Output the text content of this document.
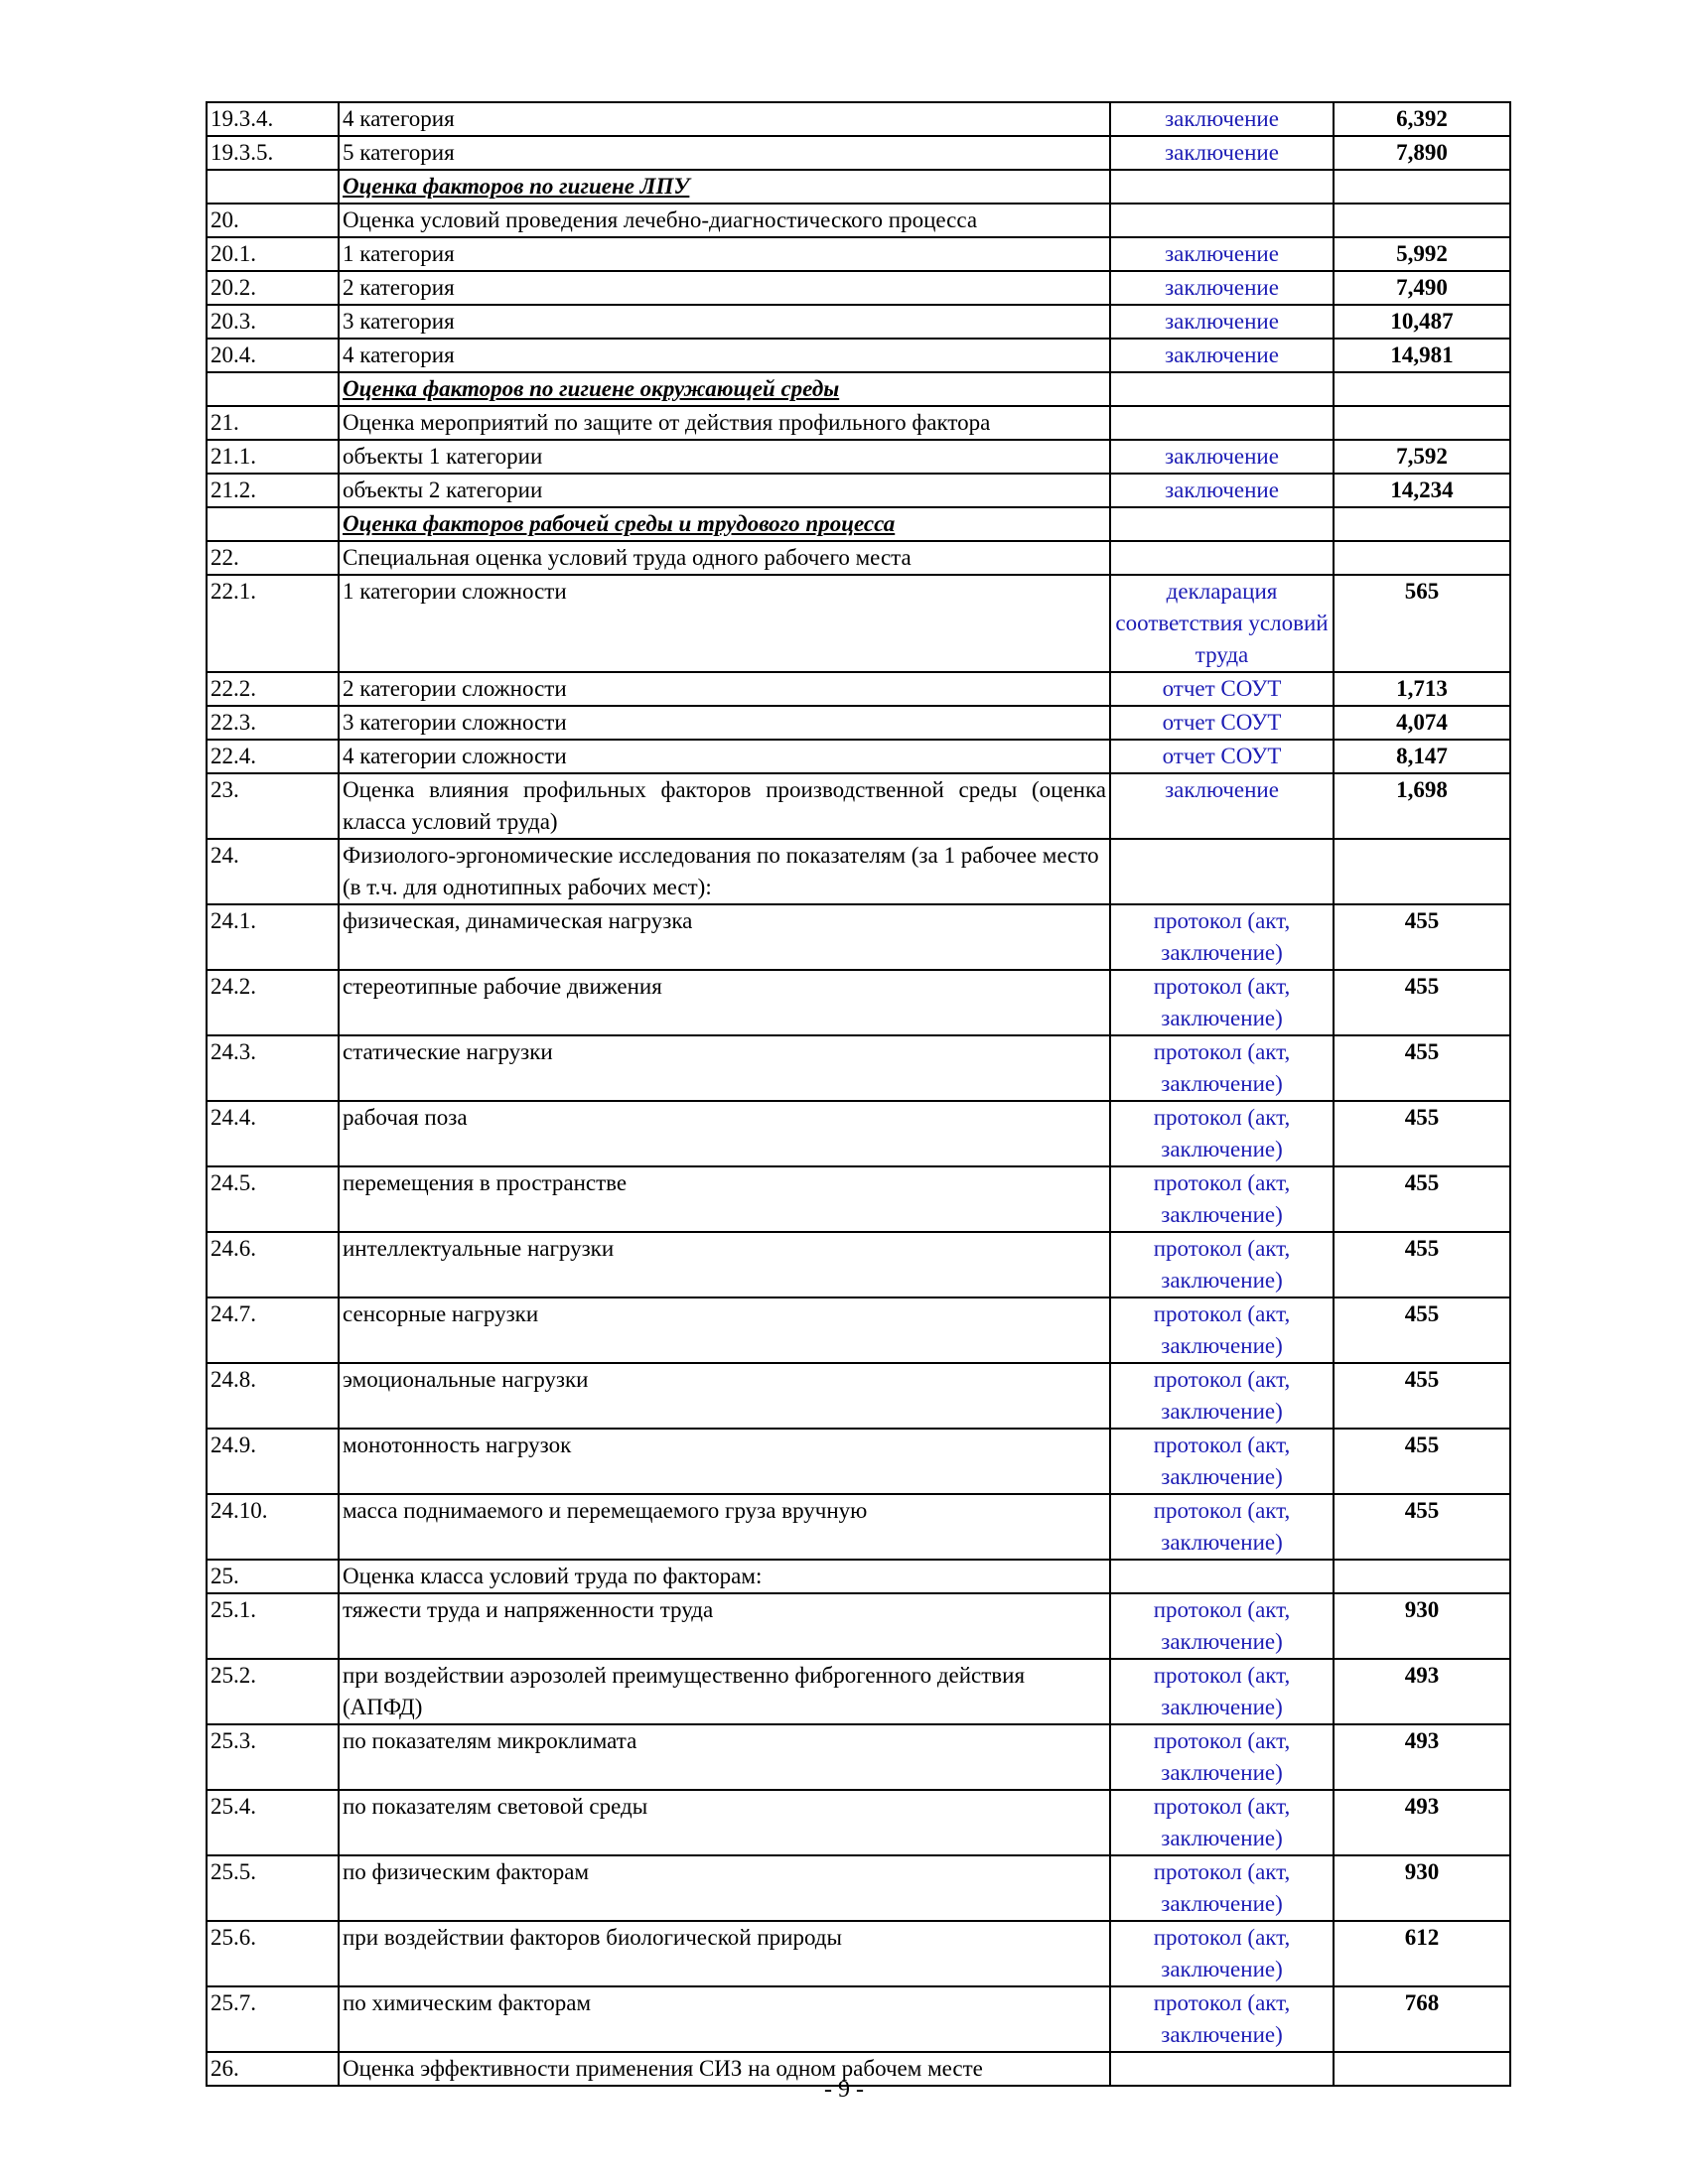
19.3.4.	4 категория	заключение	6,392
19.3.5.	5 категория	заключение	7,890
	Оценка факторов по гигиене ЛПУ		
20.	Оценка условий проведения лечебно-диагностического процесса		
20.1.	1 категория	заключение	5,992
20.2.	2 категория	заключение	7,490
20.3.	3 категория	заключение	10,487
20.4.	4 категория	заключение	14,981
	Оценка факторов по гигиене окружающей среды		
21.	Оценка мероприятий по защите от действия профильного фактора		
21.1.	объекты 1 категории	заключение	7,592
21.2.	объекты 2 категории	заключение	14,234
	Оценка факторов рабочей среды и трудового процесса		
22.	Специальная оценка условий труда одного рабочего места		
22.1.	1 категории сложности	декларация соответствия условий труда	565
22.2.	2 категории сложности	отчет СОУТ	1,713
22.3.	3 категории сложности	отчет СОУТ	4,074
22.4.	4 категории сложности	отчет СОУТ	8,147
23.	Оценка влияния профильных факторов производственной среды (оценка класса условий труда)	заключение	1,698
24.	Физиолого-эргономические исследования по показателям (за 1 рабочее место (в т.ч. для однотипных рабочих мест):		
24.1.	физическая, динамическая нагрузка	протокол (акт, заключение)	455
24.2.	стереотипные рабочие движения	протокол (акт, заключение)	455
24.3.	статические нагрузки	протокол (акт, заключение)	455
24.4.	рабочая поза	протокол (акт, заключение)	455
24.5.	перемещения в пространстве	протокол (акт, заключение)	455
24.6.	интеллектуальные нагрузки	протокол (акт, заключение)	455
24.7.	сенсорные нагрузки	протокол (акт, заключение)	455
24.8.	эмоциональные нагрузки	протокол (акт, заключение)	455
24.9.	монотонность нагрузок	протокол (акт, заключение)	455
24.10.	масса поднимаемого и перемещаемого груза вручную	протокол (акт, заключение)	455
25.	Оценка класса условий труда по факторам:		
25.1.	тяжести труда и напряженности труда	протокол (акт, заключение)	930
25.2.	при воздействии аэрозолей преимущественно фиброгенного действия (АПФД)	протокол (акт, заключение)	493
25.3.	по показателям микроклимата	протокол (акт, заключение)	493
25.4.	по показателям световой среды	протокол (акт, заключение)	493
25.5.	по физическим факторам	протокол (акт, заключение)	930
25.6.	при воздействии факторов биологической природы	протокол (акт, заключение)	612
25.7.	по химическим факторам	протокол (акт, заключение)	768
26.	Оценка эффективности применения СИЗ на одном рабочем месте		
- 9 -
